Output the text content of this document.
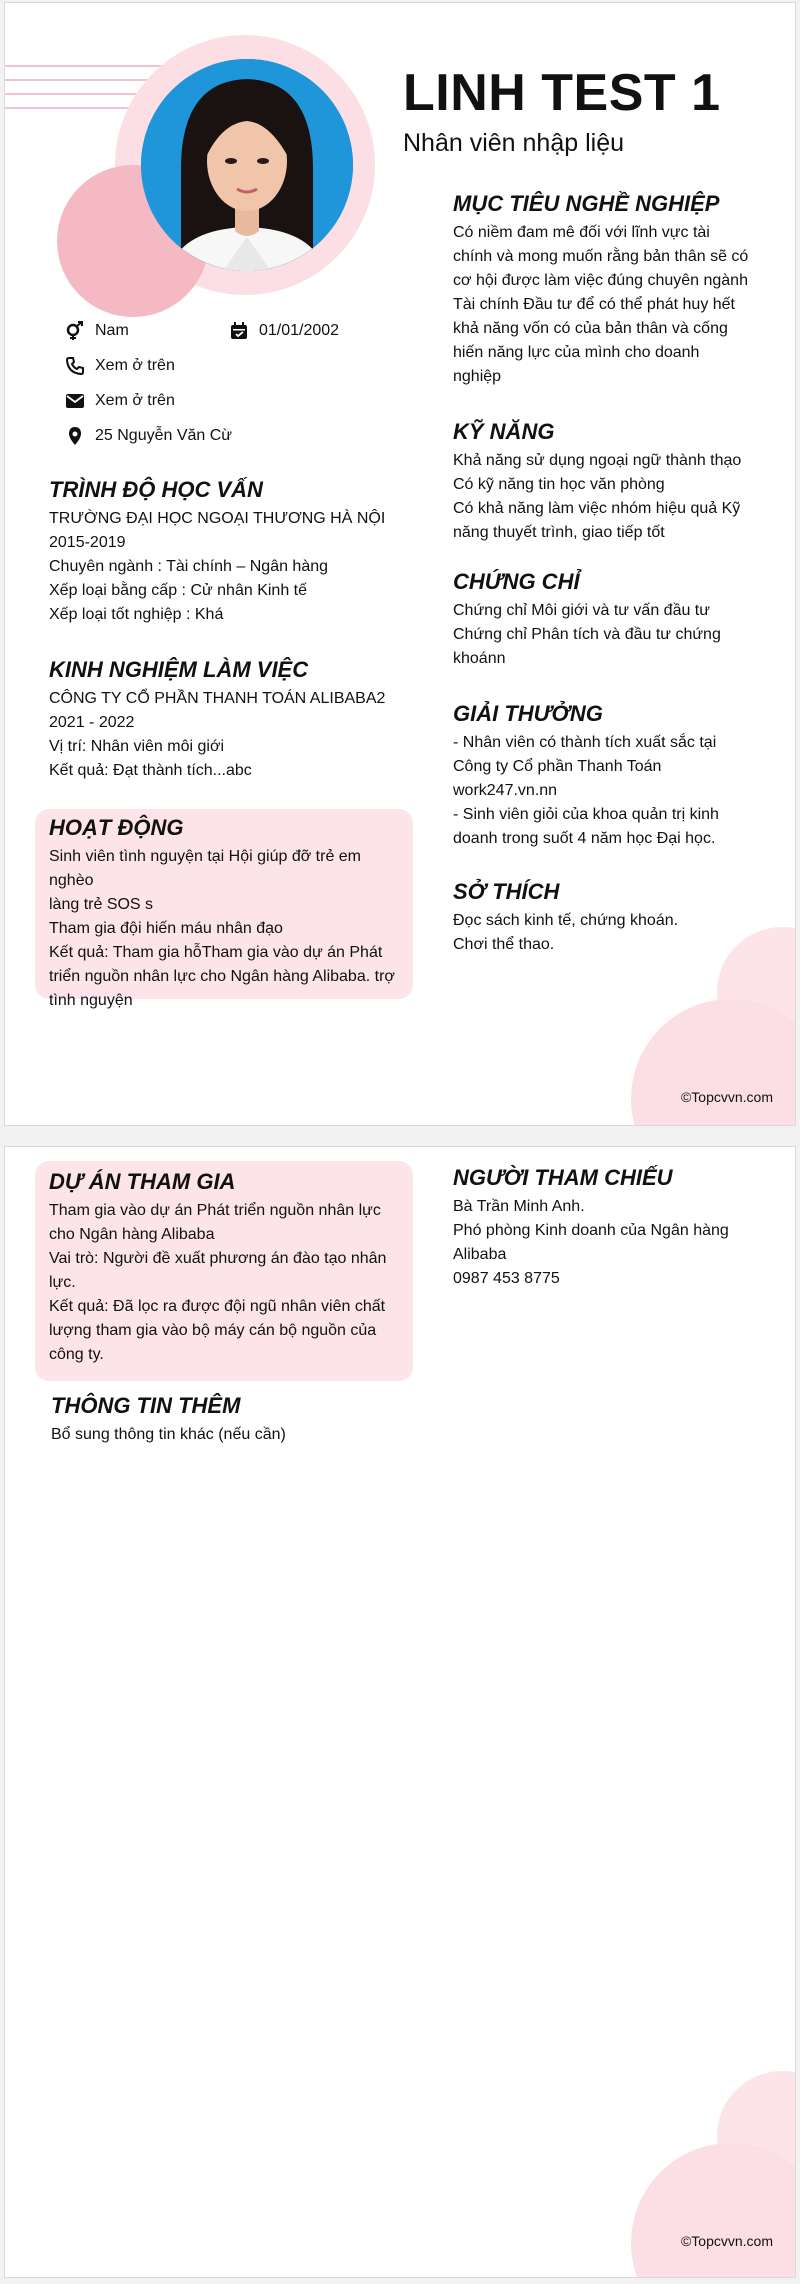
LINH TEST 1
Nhân viên nhập liệu
Nam	01/01/2002
Xem ở trên
Xem ở trên
25 Nguyễn Văn Cừ
TRÌNH ĐỘ HỌC VẤN

TRƯỜNG ĐẠI HỌC NGOẠI THƯƠNG HÀ NỘI

2015-2019

Chuyên ngành : Tài chính – Ngân hàng

Xếp loại bằng cấp : Cử nhân Kinh tế

Xếp loại tốt nghiệp : Khá

KINH NGHIỆM LÀM VIỆC

CÔNG TY CỔ PHẦN THANH TOÁN ALIBABA2

2021 - 2022

Vị trí: Nhân viên môi giới

Kết quả: Đạt thành tích...abc

HOẠT ĐỘNG

Sinh viên tình nguyện tại Hội giúp đỡ trẻ em nghèo

làng trẻ SOS s

Tham gia đội hiến máu nhân đạo

Kết quả: Tham gia hỗTham gia vào dự án Phát

triển nguồn nhân lực cho Ngân hàng Alibaba. trợ

tình nguyện

MỤC TIÊU NGHỀ NGHIỆP

Có niềm đam mê đối với lĩnh vực tài

chính và mong muốn rằng bản thân sẽ có

cơ hội được làm việc đúng chuyên ngành

Tài chính Đầu tư để có thể phát huy hết

khả năng vốn có của bản thân và cống

hiến năng lực của mình cho doanh

nghiệp

KỸ NĂNG

Khả năng sử dụng ngoại ngữ thành thạo

Có kỹ năng tin học văn phòng

Có khả năng làm việc nhóm hiệu quả Kỹ

năng thuyết trình, giao tiếp tốt

CHỨNG CHỈ

Chứng chỉ Môi giới và tư vấn đầu tư

Chứng chỉ Phân tích và đầu tư chứng

khoánn

GIẢI THƯỞNG

- Nhân viên có thành tích xuất sắc tại

Công ty Cổ phần Thanh Toán

work247.vn.nn

- Sinh viên giỏi của khoa quản trị kinh

doanh trong suốt 4 năm học Đại học.

SỞ THÍCH

Đọc sách kinh tế, chứng khoán.

Chơi thể thao.

©Topcvvn.com
DỰ ÁN THAM GIA

Tham gia vào dự án Phát triển nguồn nhân lực

cho Ngân hàng Alibaba

Vai trò: Người đề xuất phương án đào tạo nhân

lực.

Kết quả: Đã lọc ra được đội ngũ nhân viên chất

lượng tham gia vào bộ máy cán bộ nguồn của

công ty.

THÔNG TIN THÊM

Bổ sung thông tin khác (nếu cần)

NGƯỜI THAM CHIẾU

Bà Trần Minh Anh.

Phó phòng Kinh doanh của Ngân hàng

Alibaba

0987 453 8775

©Topcvvn.com
